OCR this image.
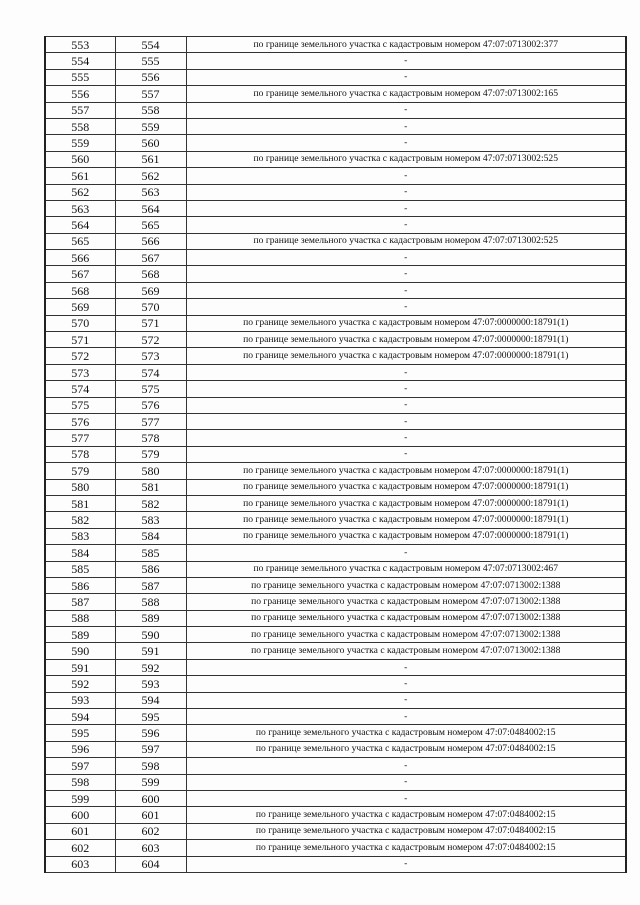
553	554	по границе земельного участка с кадастровым номером 47:07:0713002:377
554	555	-
555	556	-
556	557	по границе земельного участка с кадастровым номером 47:07:0713002:165
557	558	-
558	559	-
559	560	-
560	561	по границе земельного участка с кадастровым номером 47:07:0713002:525
561	562	-
562	563	-
563	564	-
564	565	-
565	566	по границе земельного участка с кадастровым номером 47:07:0713002:525
566	567	-
567	568	-
568	569	-
569	570	-
570	571	по границе земельного участка с кадастровым номером 47:07:0000000:18791(1)
571	572	по границе земельного участка с кадастровым номером 47:07:0000000:18791(1)
572	573	по границе земельного участка с кадастровым номером 47:07:0000000:18791(1)
573	574	-
574	575	-
575	576	-
576	577	-
577	578	-
578	579	-
579	580	по границе земельного участка с кадастровым номером 47:07:0000000:18791(1)
580	581	по границе земельного участка с кадастровым номером 47:07:0000000:18791(1)
581	582	по границе земельного участка с кадастровым номером 47:07:0000000:18791(1)
582	583	по границе земельного участка с кадастровым номером 47:07:0000000:18791(1)
583	584	по границе земельного участка с кадастровым номером 47:07:0000000:18791(1)
584	585	-
585	586	по границе земельного участка с кадастровым номером 47:07:0713002:467
586	587	по границе земельного участка с кадастровым номером 47:07:0713002:1388
587	588	по границе земельного участка с кадастровым номером 47:07:0713002:1388
588	589	по границе земельного участка с кадастровым номером 47:07:0713002:1388
589	590	по границе земельного участка с кадастровым номером 47:07:0713002:1388
590	591	по границе земельного участка с кадастровым номером 47:07:0713002:1388
591	592	-
592	593	-
593	594	-
594	595	-
595	596	по границе земельного участка с кадастровым номером 47:07:0484002:15
596	597	по границе земельного участка с кадастровым номером 47:07:0484002:15
597	598	-
598	599	-
599	600	-
600	601	по границе земельного участка с кадастровым номером 47:07:0484002:15
601	602	по границе земельного участка с кадастровым номером 47:07:0484002:15
602	603	по границе земельного участка с кадастровым номером 47:07:0484002:15
603	604	-
